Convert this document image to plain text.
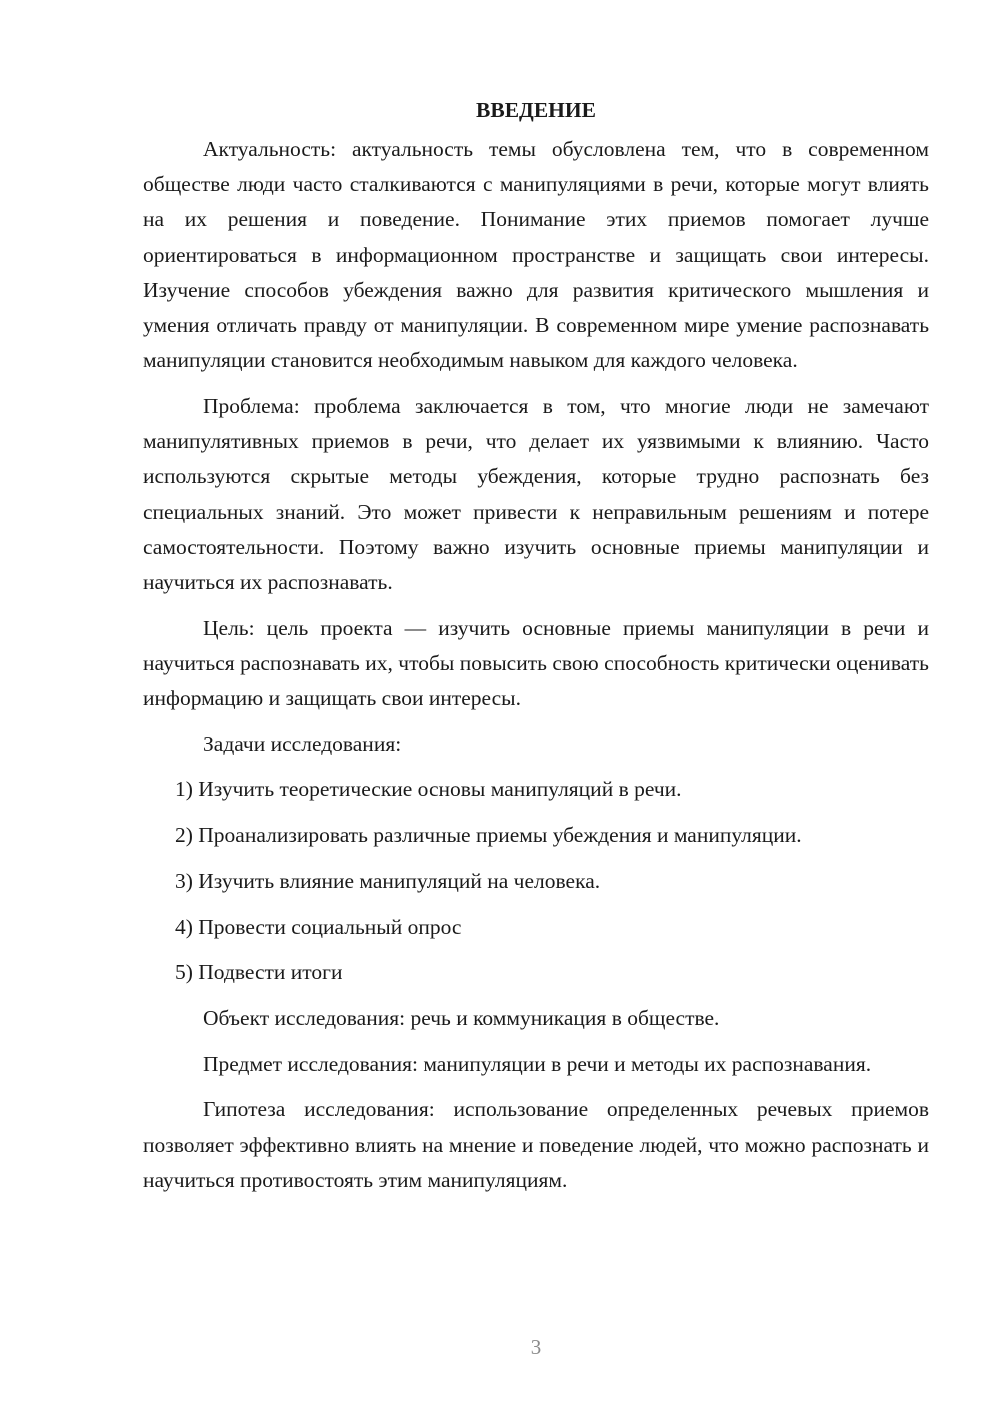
ВВЕДЕНИЕ

Актуальность: актуальность темы обусловлена тем, что в современном обществе люди часто сталкиваются с манипуляциями в речи, которые могут влиять на их решения и поведение. Понимание этих приемов помогает лучше ориентироваться в информационном пространстве и защищать свои интересы. Изучение способов убеждения важно для развития критического мышления и умения отличать правду от манипуляции. В современном мире умение распознавать манипуляции становится необходимым навыком для каждого человека.

Проблема: проблема заключается в том, что многие люди не замечают манипулятивных приемов в речи, что делает их уязвимыми к влиянию. Часто используются скрытые методы убеждения, которые трудно распознать без специальных знаний. Это может привести к неправильным решениям и потере самостоятельности. Поэтому важно изучить основные приемы манипуляции и научиться их распознавать.

Цель: цель проекта — изучить основные приемы манипуляции в речи и научиться распознавать их, чтобы повысить свою способность критически оценивать информацию и защищать свои интересы.

Задачи исследования:

1) Изучить теоретические основы манипуляций в речи.
2) Проанализировать различные приемы убеждения и манипуляции.
3) Изучить влияние манипуляций на человека.
4) Провести социальный опрос
5) Подвести итоги

Объект исследования: речь и коммуникация в обществе.

Предмет исследования: манипуляции в речи и методы их распознавания.

Гипотеза исследования: использование определенных речевых приемов позволяет эффективно влиять на мнение и поведение людей, что можно распознать и научиться противостоять этим манипуляциям.

3
